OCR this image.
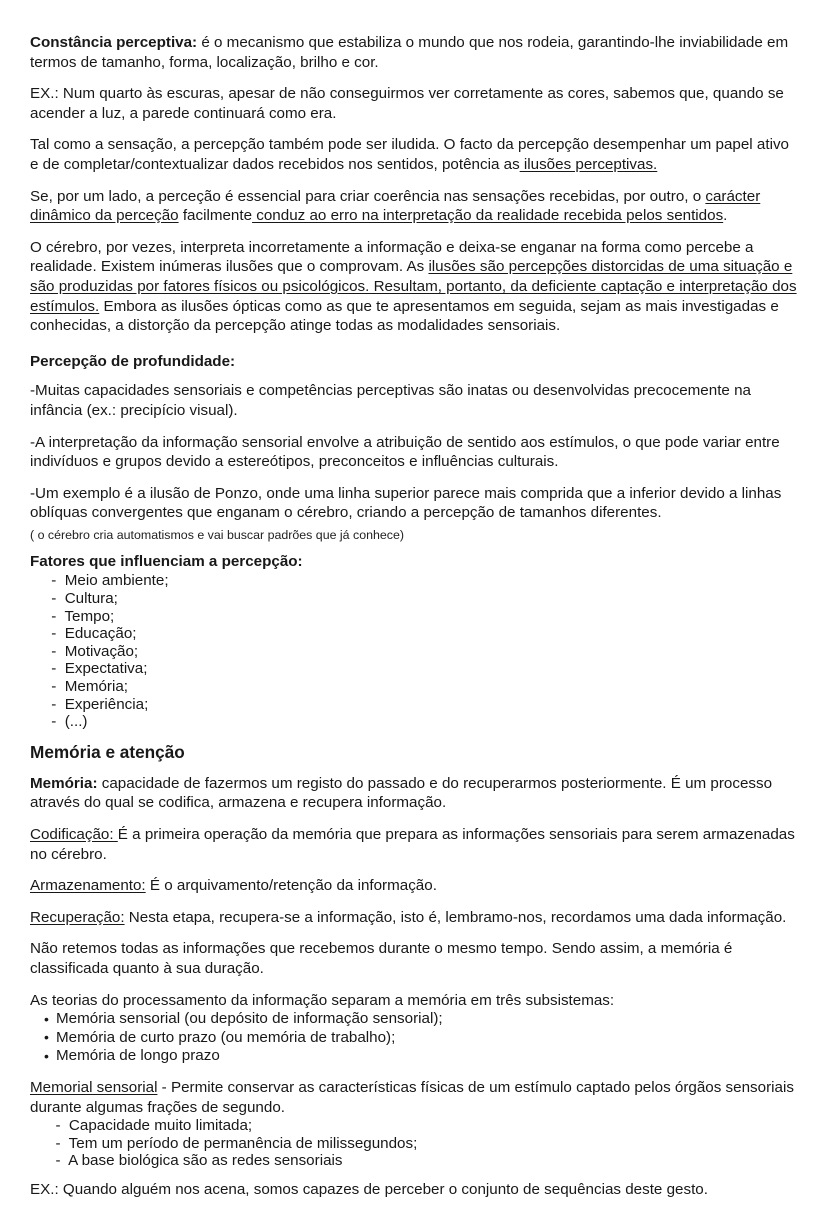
Constância perceptiva: é o mecanismo que estabiliza o mundo que nos rodeia, garantindo-lhe inviabilidade em termos de tamanho, forma, localização, brilho e cor.

EX.: Num quarto às escuras, apesar de não conseguirmos ver corretamente as cores, sabemos que, quando se acender a luz, a parede continuará como era.

Tal como a sensação, a percepção também pode ser iludida. O facto da percepção desempenhar um papel ativo e de completar/contextualizar dados recebidos nos sentidos, potência as ilusões perceptivas.

Se, por um lado, a perceção é essencial para criar coerência nas sensações recebidas, por outro, o carácter dinâmico da perceção facilmente conduz ao erro na interpretação da realidade recebida pelos sentidos.

O cérebro, por vezes, interpreta incorretamente a informação e deixa-se enganar na forma como percebe a realidade. Existem inúmeras ilusões que o comprovam. As ilusões são percepções distorcidas de uma situação e são produzidas por fatores físicos ou psicológicos. Resultam, portanto, da deficiente captação e interpretação dos estímulos. Embora as ilusões ópticas como as que te apresentamos em seguida, sejam as mais investigadas e conhecidas, a distorção da percepção atinge todas as modalidades sensoriais.

Percepção de profundidade:

-Muitas capacidades sensoriais e competências perceptivas são inatas ou desenvolvidas precocemente na infância (ex.: precipício visual).

-A interpretação da informação sensorial envolve a atribuição de sentido aos estímulos, o que pode variar entre indivíduos e grupos devido a estereótipos, preconceitos e influências culturais.

-Um exemplo é a ilusão de Ponzo, onde uma linha superior parece mais comprida que a inferior devido a linhas oblíquas convergentes que enganam o cérebro, criando a percepção de tamanhos diferentes.

( o cérebro cria automatismos e vai buscar padrões que já conhece)

Fatores que influenciam a percepção:

-  Meio ambiente;
-  Cultura;
-  Tempo;
-  Educação;
-  Motivação;
-  Expectativa;
-  Memória;
-  Experiência;
-  (...)

Memória e atenção

Memória: capacidade de fazermos um registo do passado e do recuperarmos posteriormente. É um processo através do qual se codifica, armazena e recupera informação.

Codificação: É a primeira operação da memória que prepara as informações sensoriais para serem armazenadas no cérebro.

Armazenamento: É o arquivamento/retenção da informação.

Recuperação: Nesta etapa, recupera-se a informação, isto é, lembramo-nos, recordamos uma dada informação.

Não retemos todas as informações que recebemos durante o mesmo tempo. Sendo assim, a memória é classificada quanto à sua duração.

As teorias do processamento da informação separam a memória em três subsistemas:

• Memória sensorial (ou depósito de informação sensorial);
• Memória de curto prazo (ou memória de trabalho);
• Memória de longo prazo

Memorial sensorial - Permite conservar as características físicas de um estímulo captado pelos órgãos sensoriais durante algumas frações de segundo.

-  Capacidade muito limitada;
-  Tem um período de permanência de milissegundos;
-  A base biológica são as redes sensoriais

EX.: Quando alguém nos acena, somos capazes de perceber o conjunto de sequências deste gesto.
